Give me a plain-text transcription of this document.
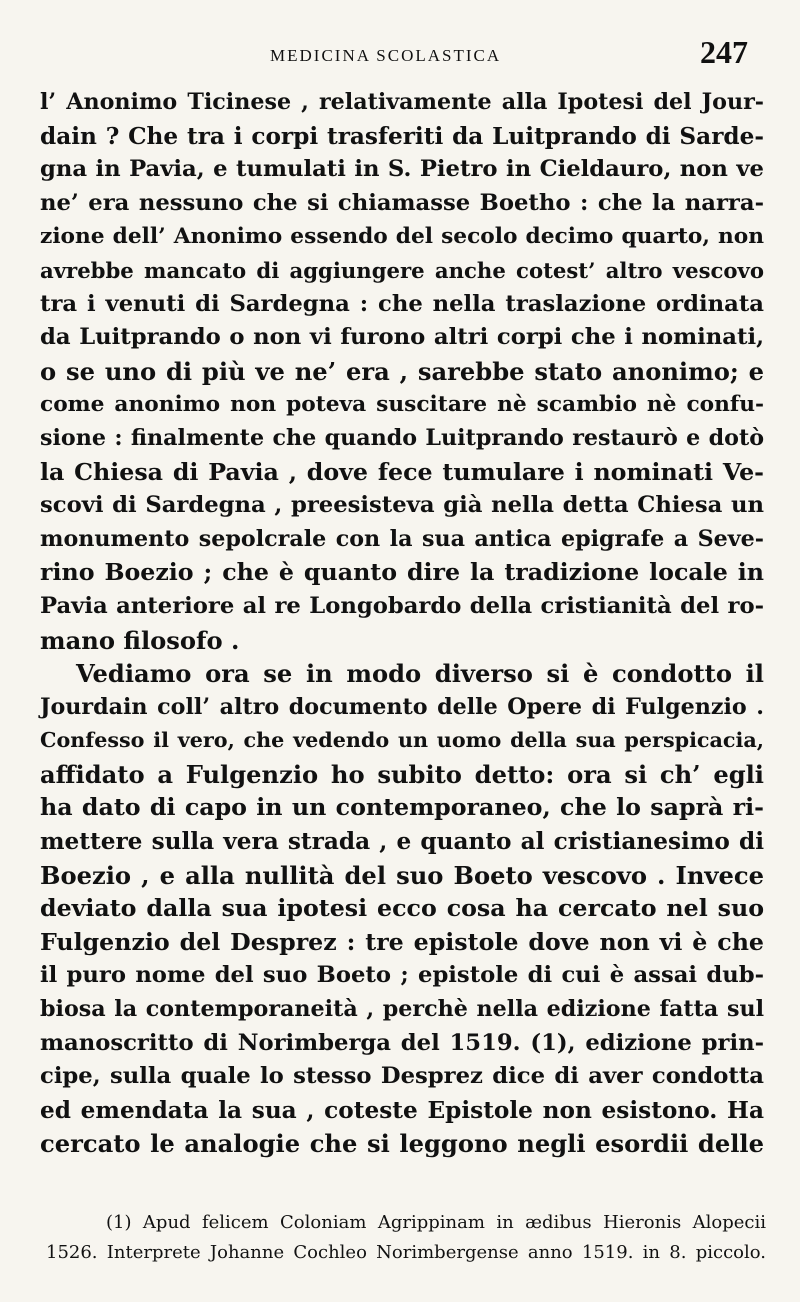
MEDICINA SCOLASTICA	247
l’ Anonimo Ticinese , relativamente alla Ipotesi del Jour-
dain ? Che tra i corpi trasferiti da Luitprando di Sarde-
gna in Pavia, e tumulati in S. Pietro in Cieldauro, non ve
ne’ era nessuno che si chiamasse Boetho : che la narra-
zione dell’ Anonimo essendo del secolo decimo quarto, non
avrebbe mancato di aggiungere anche cotest’ altro vescovo
tra i venuti di Sardegna : che nella traslazione ordinata
da Luitprando o non vi furono altri corpi che i nominati,
o se uno di più ve ne’ era , sarebbe stato anonimo; e
come anonimo non poteva suscitare nè scambio nè confu-
sione : finalmente che quando Luitprando restaurò e dotò
la Chiesa di Pavia , dove fece tumulare i nominati Ve-
scovi di Sardegna , preesisteva già nella detta Chiesa un
monumento sepolcrale con la sua antica epigrafe a Seve-
rino Boezio ; che è quanto dire la tradizione locale in
Pavia anteriore al re Longobardo della cristianità del ro-
mano filosofo .
Vediamo ora se in modo diverso si è condotto il
Jourdain coll’ altro documento delle Opere di Fulgenzio .
Confesso il vero, che vedendo un uomo della sua perspicacia,
affidato a Fulgenzio ho subito detto: ora si ch’ egli
ha dato di capo in un contemporaneo, che lo saprà ri-
mettere sulla vera strada , e quanto al cristianesimo di
Boezio , e alla nullità del suo Boeto vescovo . Invece
deviato dalla sua ipotesi ecco cosa ha cercato nel suo
Fulgenzio del Desprez : tre epistole dove non vi è che
il puro nome del suo Boeto ; epistole di cui è assai dub-
biosa la contemporaneità , perchè nella edizione fatta sul
manoscritto di Norimberga del 1519. (1), edizione prin-
cipe, sulla quale lo stesso Desprez dice di aver condotta
ed emendata la sua , coteste Epistole non esistono. Ha
cercato le analogie che si leggono negli esordii delle
(1) Apud felicem Coloniam Agrippinam in ædibus Hieronis Alopecii
1526. Interprete Johanne Cochleo Norimbergense anno 1519. in 8. piccolo.
